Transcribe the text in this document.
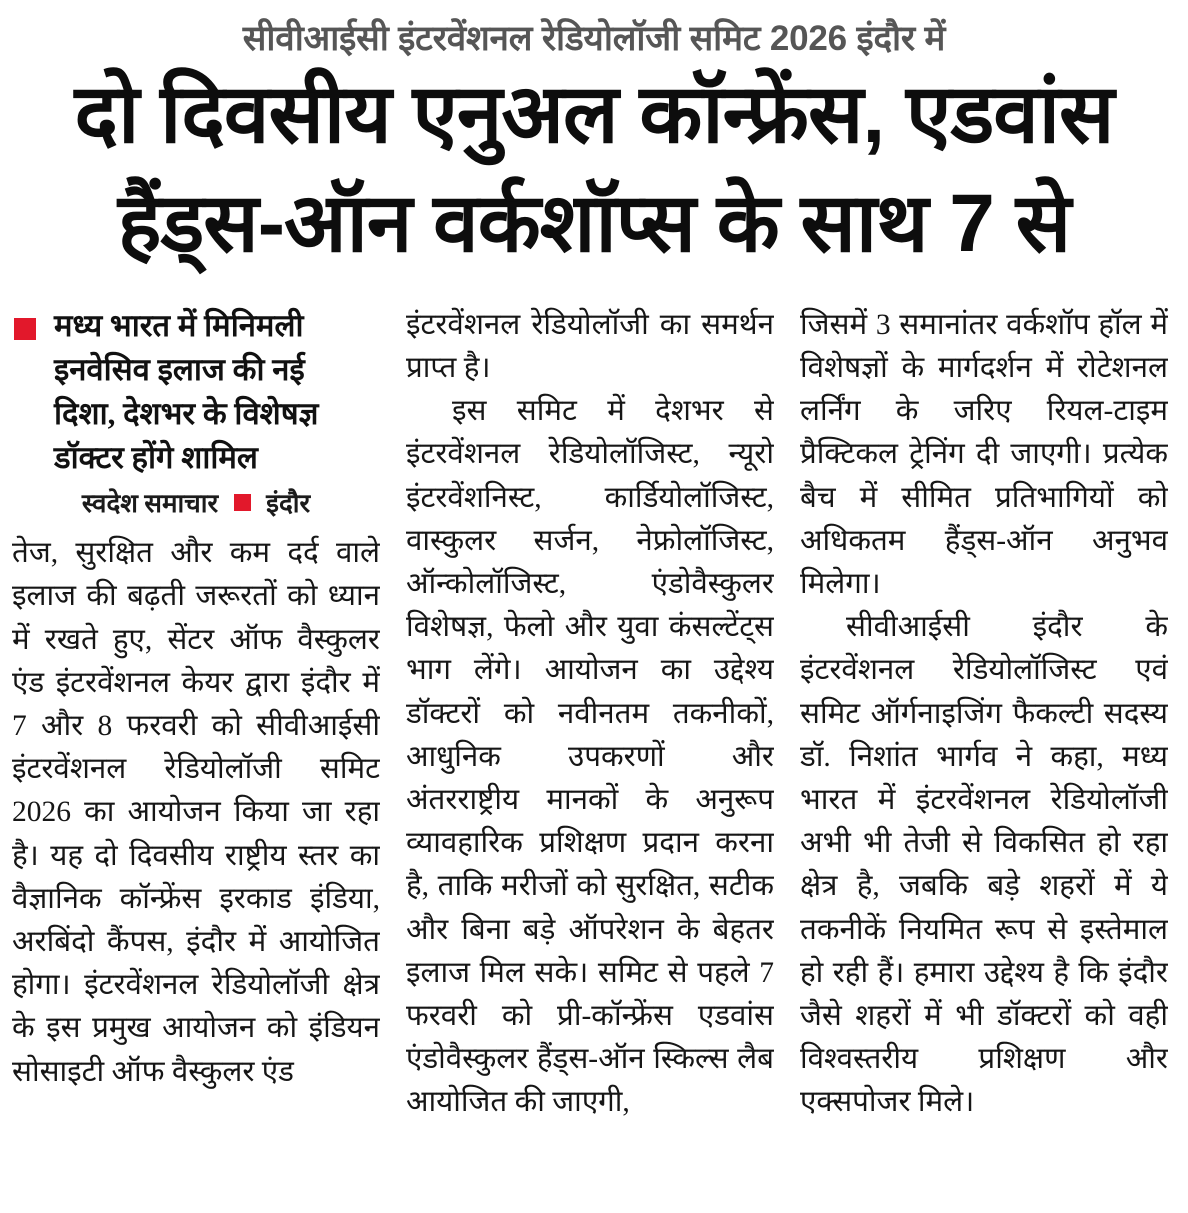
सीवीआईसी इंटरवेंशनल रेडियोलॉजी समिट 2026 इंदौर में
दो दिवसीय एनुअल कॉन्फ्रेंस, एडवांस
हैंड्स-ऑन वर्कशॉप्स के साथ 7 से
मध्य भारत में मिनिमली
इनवेसिव इलाज की नई
दिशा, देशभर के विशेषज्ञ
डॉक्टर होंगे शामिल
स्वदेश समाचार इंदौर

तेज, सुरक्षित और कम दर्द वाले इलाज की बढ़ती जरूरतों को ध्यान में रखते हुए, सेंटर ऑफ वैस्कुलर एंड इंटरवेंशनल केयर द्वारा इंदौर में 7 और 8 फरवरी को सीवीआईसी इंटरवेंशनल रेडियोलॉजी समिट 2026 का आयोजन किया जा रहा है। यह दो दिवसीय राष्ट्रीय स्तर का वैज्ञानिक कॉन्फ्रेंस इरकाड इंडिया, अरबिंदो कैंपस, इंदौर में आयोजित होगा। इंटरवेंशनल रेडियोलॉजी क्षेत्र के इस प्रमुख आयोजन को इंडियन सोसाइटी ऑफ वैस्कुलर एंड

इंटरवेंशनल रेडियोलॉजी का समर्थन प्राप्त है।

इस समिट में देशभर से इंटरवेंशनल रेडियोलॉजिस्ट, न्यूरो इंटरवेंशनिस्ट, कार्डियोलॉजिस्ट, वास्कुलर सर्जन, नेफ्रोलॉजिस्ट, ऑन्कोलॉजिस्ट, एंडोवैस्कुलर विशेषज्ञ, फेलो और युवा कंसल्टेंट्स भाग लेंगे। आयोजन का उद्देश्य डॉक्टरों को नवीनतम तकनीकों, आधुनिक उपकरणों और अंतरराष्ट्रीय मानकों के अनुरूप व्यावहारिक प्रशिक्षण प्रदान करना है, ताकि मरीजों को सुरक्षित, सटीक और बिना बड़े ऑपरेशन के बेहतर इलाज मिल सके। समिट से पहले 7 फरवरी को प्री-कॉन्फ्रेंस एडवांस एंडोवैस्कुलर हैंड्स-ऑन स्किल्स लैब आयोजित की जाएगी,

जिसमें 3 समानांतर वर्कशॉप हॉल में विशेषज्ञों के मार्गदर्शन में रोटेशनल लर्निंग के जरिए रियल-टाइम प्रैक्टिकल ट्रेनिंग दी जाएगी। प्रत्येक बैच में सीमित प्रतिभागियों को अधिकतम हैंड्स-ऑन अनुभव मिलेगा।

सीवीआईसी इंदौर के इंटरवेंशनल रेडियोलॉजिस्ट एवं समिट ऑर्गनाइजिंग फैकल्टी सदस्य डॉ. निशांत भार्गव ने कहा, मध्य भारत में इंटरवेंशनल रेडियोलॉजी अभी भी तेजी से विकसित हो रहा क्षेत्र है, जबकि बड़े शहरों में ये तकनीकें नियमित रूप से इस्तेमाल हो रही हैं। हमारा उद्देश्य है कि इंदौर जैसे शहरों में भी डॉक्टरों को वही विश्वस्तरीय प्रशिक्षण और एक्सपोजर मिले।
